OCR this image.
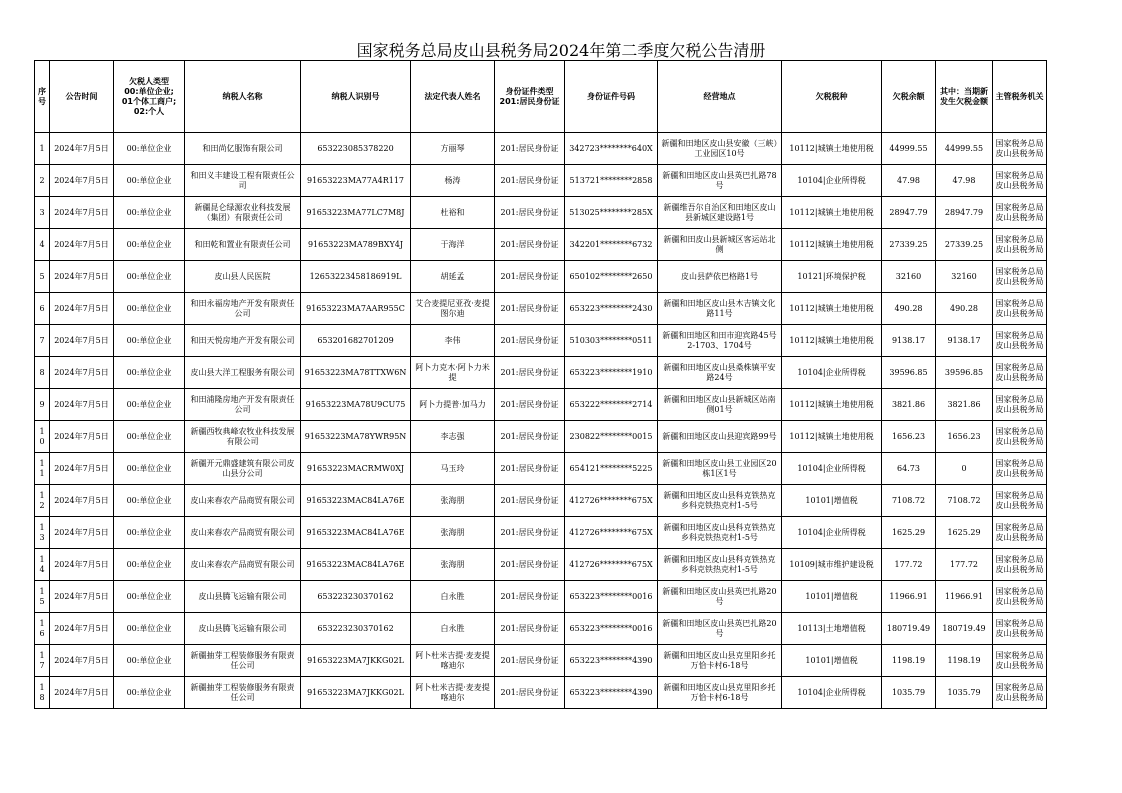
国家税务总局皮山县税务局2024年第二季度欠税公告清册
序号	公告时间	欠税人类型
00:单位企业;
01个体工商户;
02:个人	纳税人名称	纳税人识别号	法定代表人姓名	身份证件类型
201:居民身份证	身份证件号码	经营地点	欠税税种	欠税余额	其中：当期新发生欠税金额	主管税务机关
1	2024年7月5日	00:单位企业	和田尚亿服饰有限公司	653223085378220	方丽琴	201:居民身份证	342723********640X	新疆和田地区皮山县安徽（三峡）工业园区10号	10112|城镇土地使用税	44999.55	44999.55	国家税务总局皮山县税务局
2	2024年7月5日	00:单位企业	和田义丰建设工程有限责任公司	91653223MA77A4R117	杨涛	201:居民身份证	513721********2858	新疆和田地区皮山县英巴扎路78号	10104|企业所得税	47.98	47.98	国家税务总局皮山县税务局
3	2024年7月5日	00:单位企业	新疆昆仑绿源农业科技发展（集团）有限责任公司	91653223MA77LC7M8J	杜裕和	201:居民身份证	513025********285X	新疆维吾尔自治区和田地区皮山县新城区建设路1号	10112|城镇土地使用税	28947.79	28947.79	国家税务总局皮山县税务局
4	2024年7月5日	00:单位企业	和田乾和置业有限责任公司	91653223MA789BXY4J	于海洋	201:居民身份证	342201********6732	新疆和田皮山县新城区客运站北侧	10112|城镇土地使用税	27339.25	27339.25	国家税务总局皮山县税务局
5	2024年7月5日	00:单位企业	皮山县人民医院	12653223458186919L	胡延孟	201:居民身份证	650102********2650	皮山县萨依巴格路1号	10121|环境保护税	32160	32160	国家税务总局皮山县税务局
6	2024年7月5日	00:单位企业	和田永福房地产开发有限责任公司	91653223MA7AAR955C	艾合麦提尼亚孜·麦提图尔迪	201:居民身份证	653223********2430	新疆和田地区皮山县木吉镇文化路11号	10112|城镇土地使用税	490.28	490.28	国家税务总局皮山县税务局
7	2024年7月5日	00:单位企业	和田天悦房地产开发有限公司	653201682701209	李伟	201:居民身份证	510303********0511	新疆和田地区和田市迎宾路45号2-1703、1704号	10112|城镇土地使用税	9138.17	9138.17	国家税务总局皮山县税务局
8	2024年7月5日	00:单位企业	皮山县大洋工程服务有限公司	91653223MA78TTXW6N	阿卜力克木·阿卜力米提	201:居民身份证	653223********1910	新疆和田地区皮山县桑株镇平安路24号	10104|企业所得税	39596.85	39596.85	国家税务总局皮山县税务局
9	2024年7月5日	00:单位企业	和田浦隆房地产开发有限责任公司	91653223MA78U9CU75	阿卜力提普·加马力	201:居民身份证	653222********2714	新疆和田地区皮山县新城区站南侧01号	10112|城镇土地使用税	3821.86	3821.86	国家税务总局皮山县税务局
10	2024年7月5日	00:单位企业	新疆西牧典峰农牧业科技发展有限公司	91653223MA78YWR95N	李志强	201:居民身份证	230822********0015	新疆和田地区皮山县迎宾路99号	10112|城镇土地使用税	1656.23	1656.23	国家税务总局皮山县税务局
11	2024年7月5日	00:单位企业	新疆开元鼎盛建筑有限公司皮山县分公司	91653223MACRMW0XJ	马玉玲	201:居民身份证	654121********5225	新疆和田地区皮山县工业园区20栋1区1号	10104|企业所得税	64.73	0	国家税务总局皮山县税务局
12	2024年7月5日	00:单位企业	皮山来春农产品商贸有限公司	91653223MAC84LA76E	张海朋	201:居民身份证	412726********675X	新疆和田地区皮山县科克铁热克乡科克铁热克村1-5号	10101|增值税	7108.72	7108.72	国家税务总局皮山县税务局
13	2024年7月5日	00:单位企业	皮山来春农产品商贸有限公司	91653223MAC84LA76E	张海朋	201:居民身份证	412726********675X	新疆和田地区皮山县科克铁热克乡科克铁热克村1-5号	10104|企业所得税	1625.29	1625.29	国家税务总局皮山县税务局
14	2024年7月5日	00:单位企业	皮山来春农产品商贸有限公司	91653223MAC84LA76E	张海朋	201:居民身份证	412726********675X	新疆和田地区皮山县科克铁热克乡科克铁热克村1-5号	10109|城市维护建设税	177.72	177.72	国家税务总局皮山县税务局
15	2024年7月5日	00:单位企业	皮山县腾飞运输有限公司	653223230370162	白永胜	201:居民身份证	653223********0016	新疆和田地区皮山县英巴扎路20号	10101|增值税	11966.91	11966.91	国家税务总局皮山县税务局
16	2024年7月5日	00:单位企业	皮山县腾飞运输有限公司	653223230370162	白永胜	201:居民身份证	653223********0016	新疆和田地区皮山县英巴扎路20号	10113|土地增值税	180719.49	180719.49	国家税务总局皮山县税务局
17	2024年7月5日	00:单位企业	新疆抽芽工程装修服务有限责任公司	91653223MA7JKKG02L	阿卜杜米吉提·麦麦提喀迪尔	201:居民身份证	653223********4390	新疆和田地区皮山县克里阳乡托万恰卡村6-18号	10101|增值税	1198.19	1198.19	国家税务总局皮山县税务局
18	2024年7月5日	00:单位企业	新疆抽芽工程装修服务有限责任公司	91653223MA7JKKG02L	阿卜杜米吉提·麦麦提喀迪尔	201:居民身份证	653223********4390	新疆和田地区皮山县克里阳乡托万恰卡村6-18号	10104|企业所得税	1035.79	1035.79	国家税务总局皮山县税务局
